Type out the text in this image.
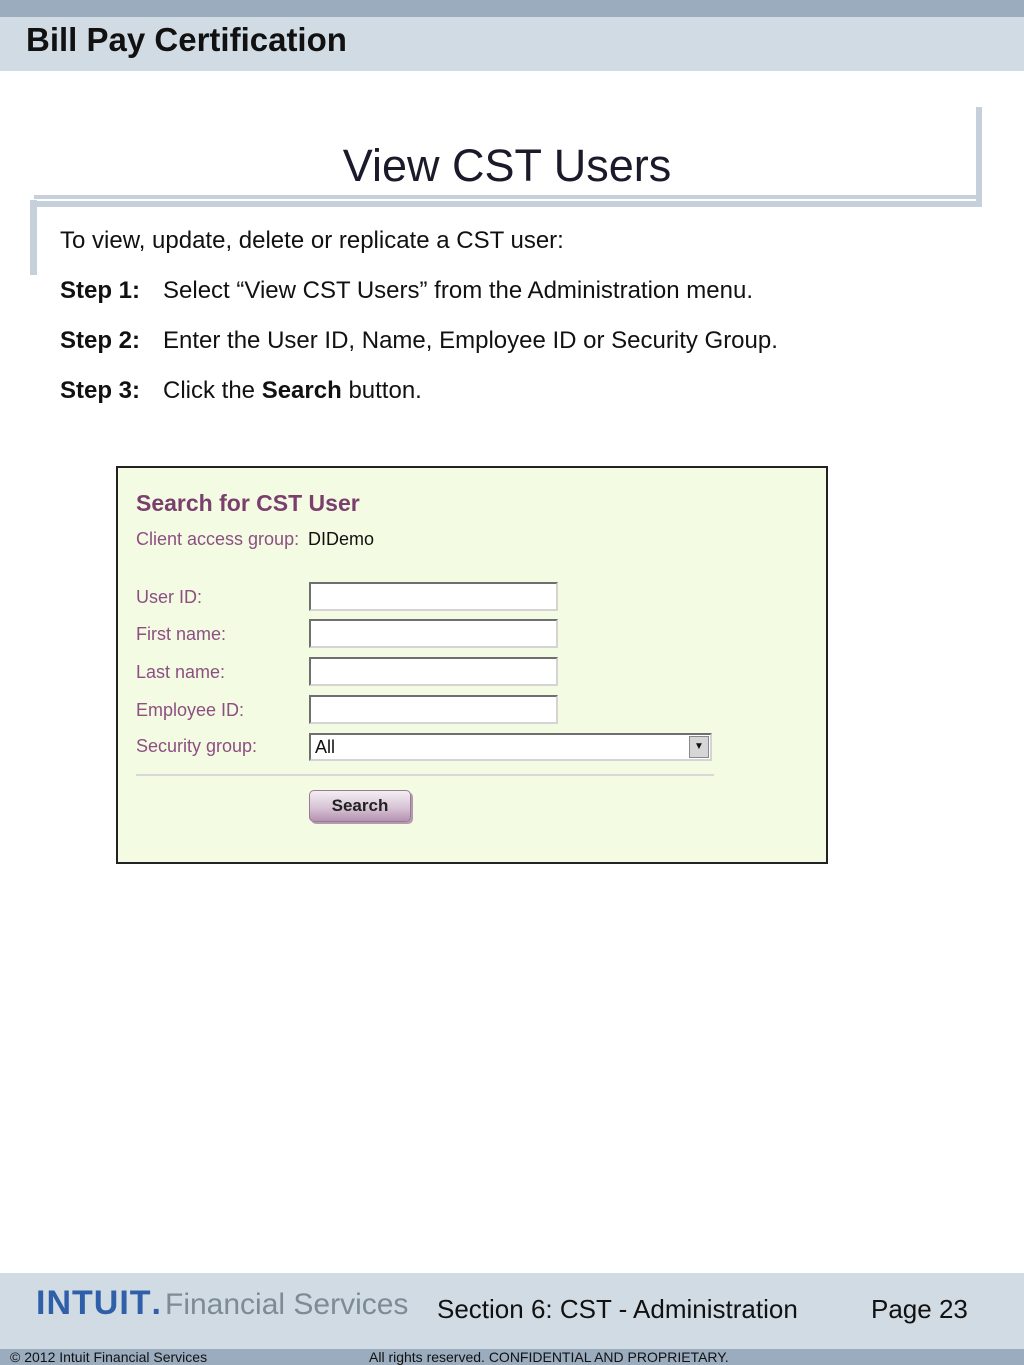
Bill Pay Certification
View CST Users
To view, update, delete or replicate a CST user:
Step 1: Select “View CST Users” from the Administration menu.
Step 2: Enter the User ID, Name, Employee ID or Security Group.
Step 3: Click the Search button.
Search for CST User
Client access group: DIDemo
User ID:
First name:
Last name:
Employee ID:
Security group:	All	▼
Search
INTUIT. Financial Services Section 6: CST - Administration	Page 23
© 2012 Intuit Financial Services	All rights reserved. CONFIDENTIAL AND PROPRIETARY.
